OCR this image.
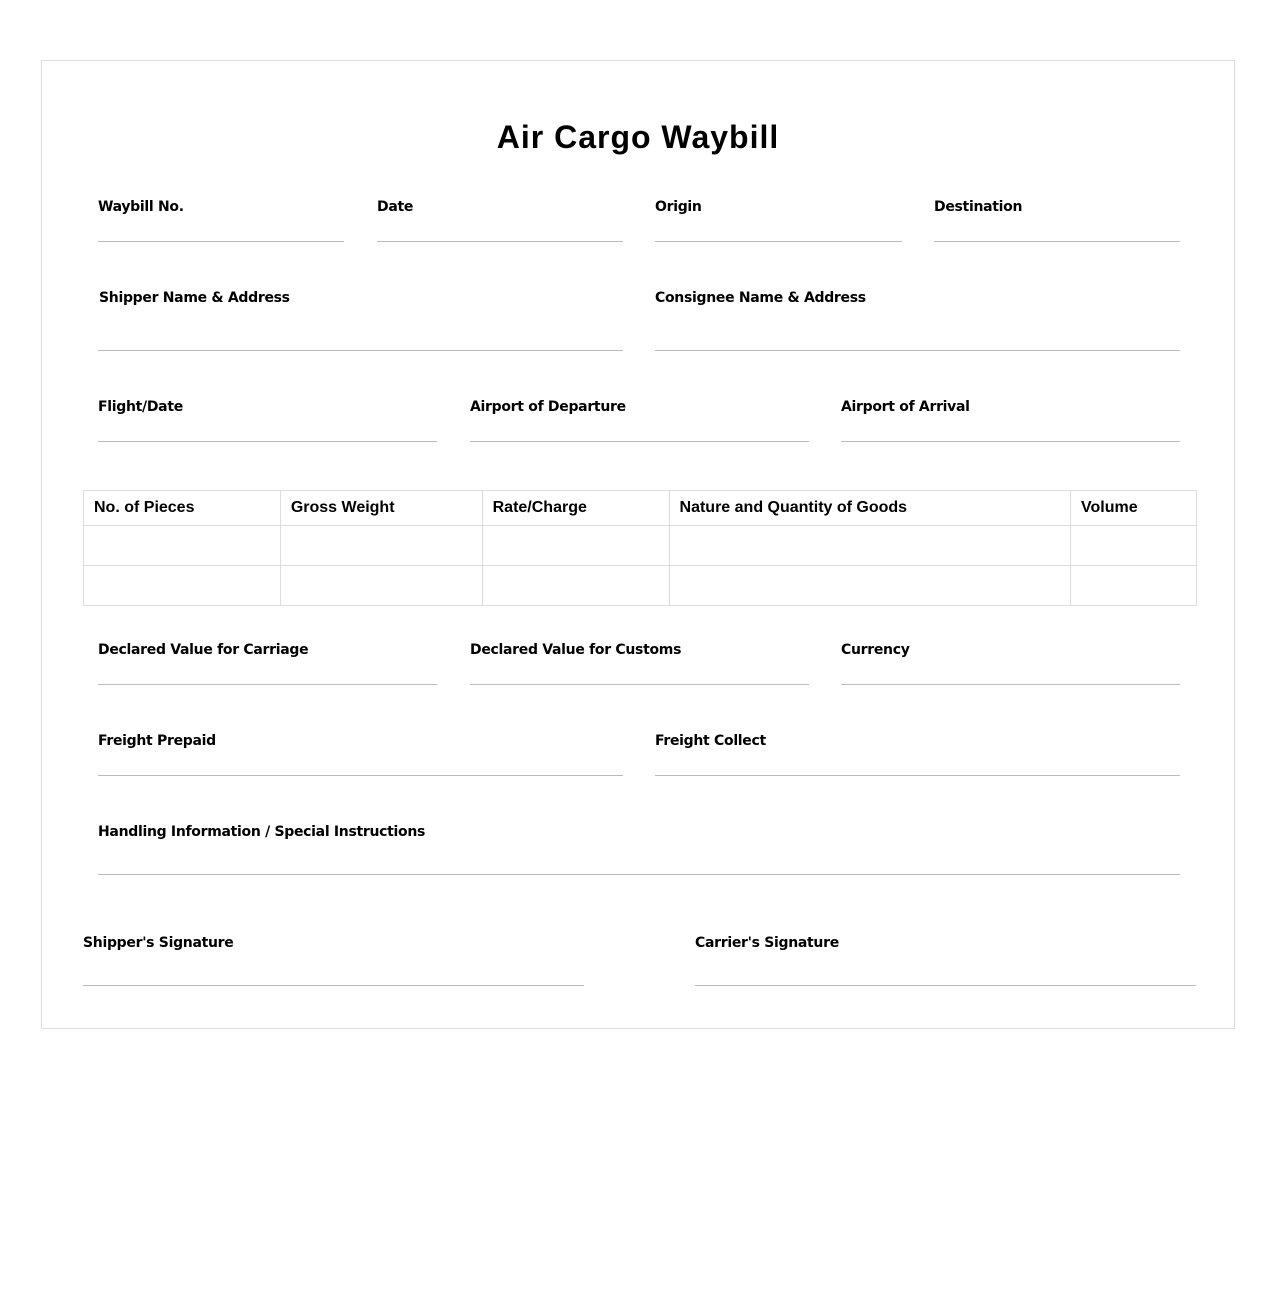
Air Cargo Waybill
Waybill No.	Date	Origin	Destination
Shipper Name & Address	Consignee Name & Address
Flight/Date	Airport of Departure	Airport of Arrival
No. of Pieces	Gross Weight	Rate/Charge	Nature and Quantity of Goods	Volume

Declared Value for Carriage	Declared Value for Customs	Currency
Freight Prepaid	Freight Collect
Handling Information / Special Instructions
Shipper's Signature	Carrier's Signature
